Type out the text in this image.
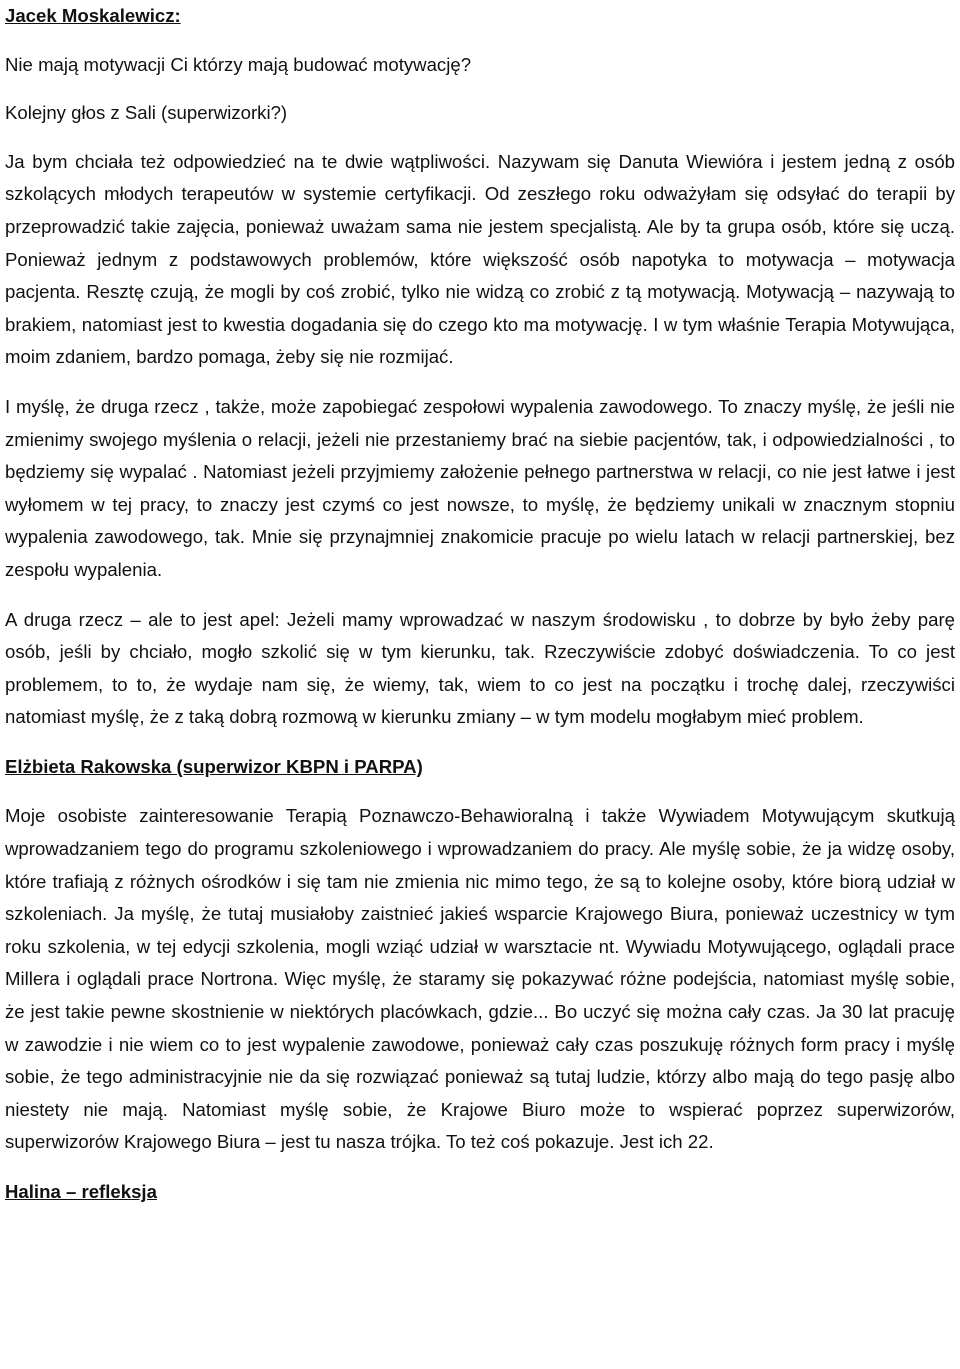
Jacek Moskalewicz:

Nie mają motywacji Ci którzy mają budować motywację?

Kolejny głos z Sali (superwizorki?)

Ja bym chciała też odpowiedzieć na te dwie wątpliwości. Nazywam się Danuta Wiewióra i jestem jedną z osób szkolących młodych terapeutów w systemie certyfikacji. Od zeszłego roku odważyłam się odsyłać do terapii by przeprowadzić takie zajęcia, ponieważ uważam sama nie jestem specjalistą. Ale by ta grupa osób, które się uczą. Ponieważ jednym z podstawowych problemów, które większość osób napotyka to motywacja – motywacja pacjenta. Resztę czują, że mogli by coś zrobić, tylko nie widzą co zrobić z tą motywacją. Motywacją – nazywają to brakiem, natomiast jest to kwestia dogadania się do czego kto ma motywację. I w tym właśnie Terapia Motywująca, moim zdaniem, bardzo pomaga, żeby się nie rozmijać.

I myślę, że druga rzecz , także, może zapobiegać zespołowi wypalenia zawodowego. To znaczy myślę, że jeśli nie zmienimy swojego myślenia o relacji, jeżeli nie przestaniemy brać na siebie pacjentów, tak, i odpowiedzialności , to będziemy się wypalać . Natomiast jeżeli przyjmiemy założenie pełnego partnerstwa w relacji, co nie jest łatwe i jest wyłomem w tej pracy, to znaczy jest czymś co jest nowsze, to myślę, że będziemy unikali w znacznym stopniu wypalenia zawodowego, tak. Mnie się przynajmniej znakomicie pracuje po wielu latach w relacji partnerskiej, bez zespołu wypalenia.

A druga rzecz – ale to jest apel: Jeżeli mamy wprowadzać w naszym środowisku , to dobrze by było żeby parę osób, jeśli by chciało, mogło szkolić się w tym kierunku, tak. Rzeczywiście zdobyć doświadczenia. To co jest problemem, to to, że wydaje nam się, że wiemy, tak, wiem to co jest na początku i trochę dalej, rzeczywiści natomiast myślę, że z taką dobrą rozmową w kierunku zmiany – w tym modelu mogłabym mieć problem.

Elżbieta Rakowska (superwizor KBPN i PARPA)

Moje osobiste zainteresowanie Terapią Poznawczo-Behawioralną i także Wywiadem Motywującym skutkują wprowadzaniem tego do programu szkoleniowego i wprowadzaniem do pracy. Ale myślę sobie, że ja widzę osoby, które trafiają z różnych ośrodków i się tam nie zmienia nic mimo tego, że są to kolejne osoby, które biorą udział w szkoleniach. Ja myślę, że tutaj musiałoby zaistnieć jakieś wsparcie Krajowego Biura, ponieważ uczestnicy w tym roku szkolenia, w tej edycji szkolenia, mogli wziąć udział w warsztacie nt. Wywiadu Motywującego, oglądali prace Millera i oglądali prace Nortrona. Więc myślę, że staramy się pokazywać różne podejścia, natomiast myślę sobie, że jest takie pewne skostnienie w niektórych placówkach, gdzie... Bo uczyć się można cały czas. Ja 30 lat pracuję w zawodzie i nie wiem co to jest wypalenie zawodowe, ponieważ cały czas poszukuję różnych form pracy i myślę sobie, że tego administracyjnie nie da się rozwiązać ponieważ są tutaj ludzie, którzy albo mają do tego pasję albo niestety nie mają. Natomiast myślę sobie, że Krajowe Biuro może to wspierać poprzez superwizorów, superwizorów Krajowego Biura – jest tu nasza trójka. To też coś pokazuje. Jest ich 22.

Halina – refleksja
